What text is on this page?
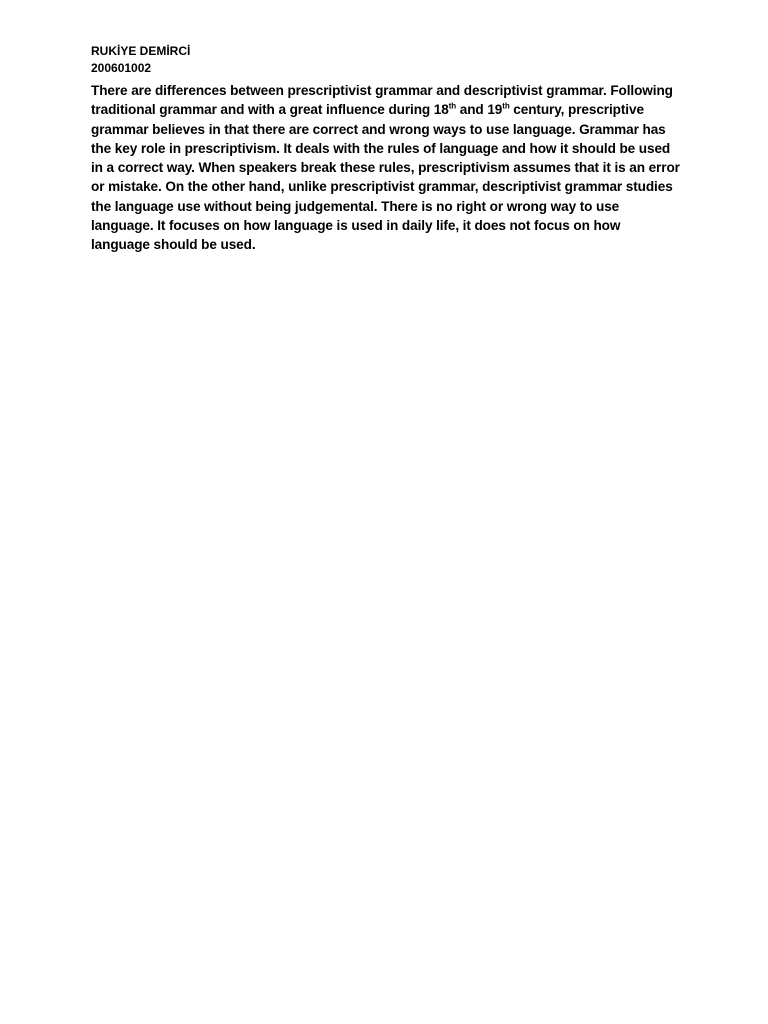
RUKİYE DEMİRCİ

200601002

There are differences between prescriptivist grammar and descriptivist grammar. Following traditional grammar and with a great influence during 18th and 19th century, prescriptive grammar believes in that there are correct and wrong ways to use language. Grammar has the key role in prescriptivism. It deals with the rules of language and how it should be used in a correct way. When speakers break these rules, prescriptivism assumes that it is an error or mistake. On the other hand, unlike prescriptivist grammar, descriptivist grammar studies the language use without being judgemental. There is no right or wrong way to use language. It focuses on how language is used in daily life, it does not focus on how language should be used.
